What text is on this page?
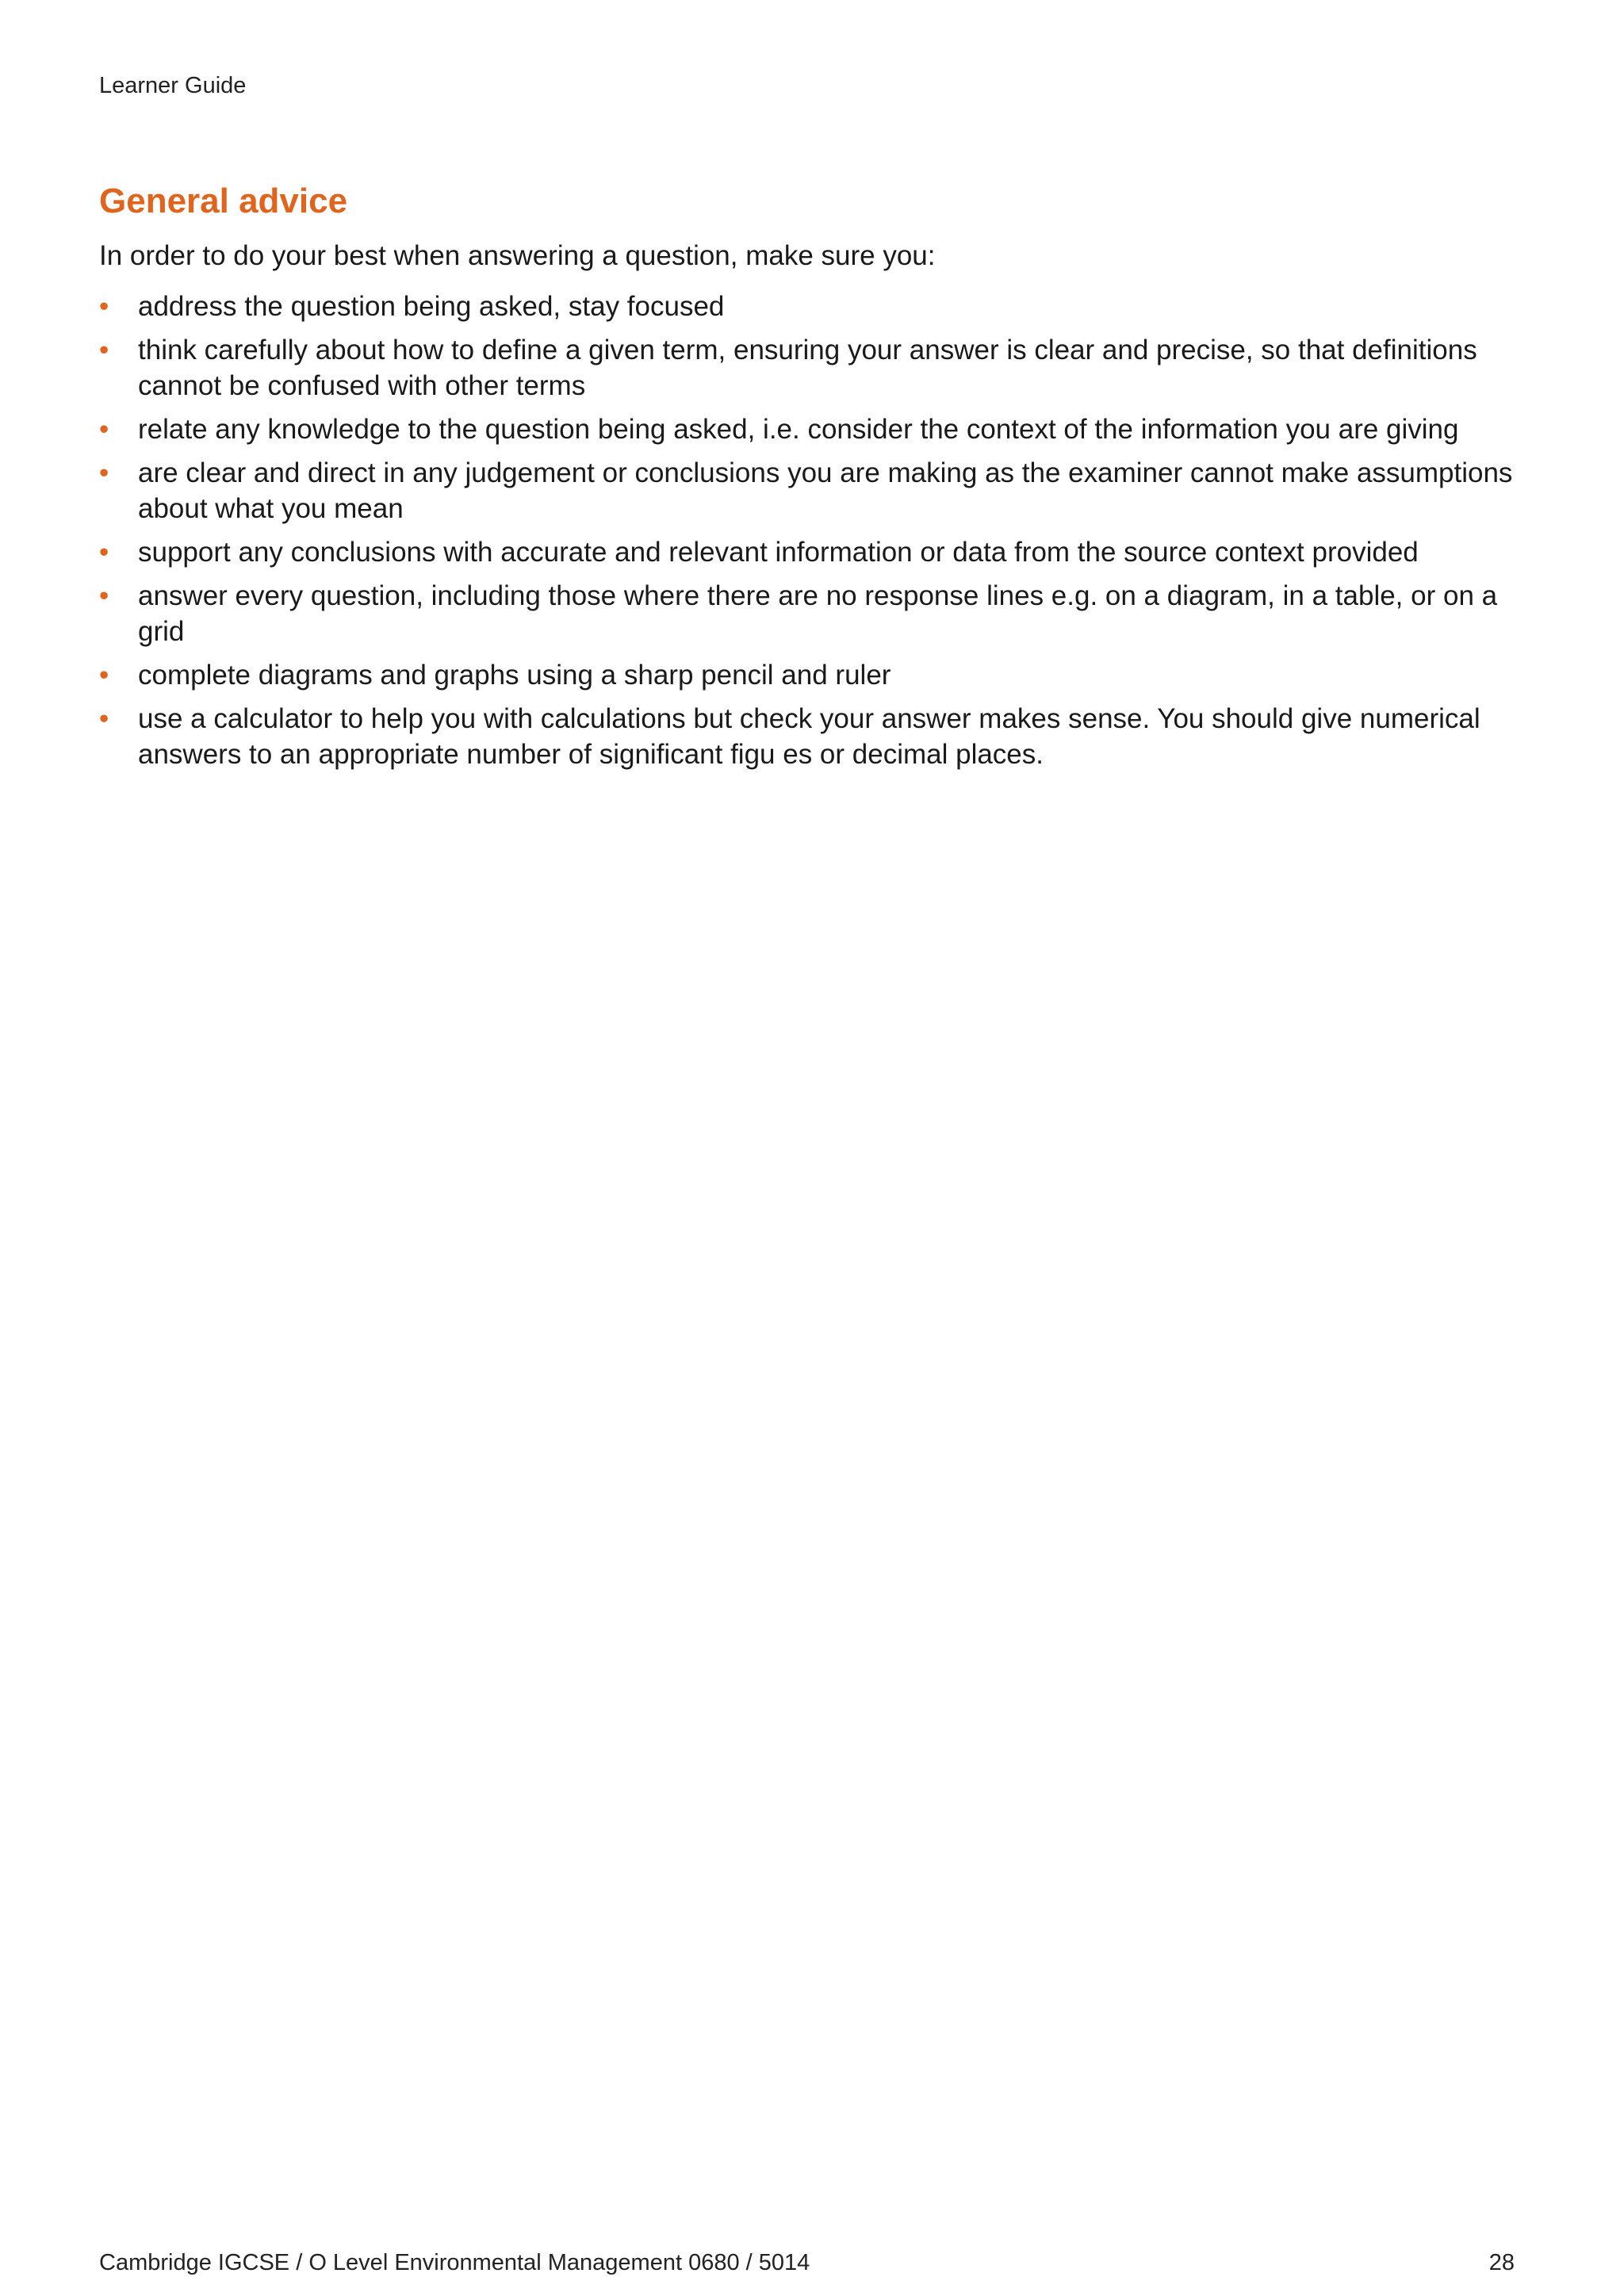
Learner Guide
General advice

In order to do your best when answering a question, make sure you:

•	address the question being asked, stay focused
•	think carefully about how to define a given term, ensuring your answer is clear and precise, so that definitions cannot be confused with other terms
•	relate any knowledge to the question being asked, i.e. consider the context of the information you are giving
•	are clear and direct in any judgement or conclusions you are making as the examiner cannot make assumptions about what you mean
•	support any conclusions with accurate and relevant information or data from the source context provided
•	answer every question, including those where there are no response lines e.g. on a diagram, in a table, or on a grid
•	complete diagrams and graphs using a sharp pencil and ruler
•	use a calculator to help you with calculations but check your answer makes sense. You should give numerical answers to an appropriate number of significant figu es or decimal places.
Cambridge IGCSE / O Level Environmental Management 0680 / 5014	28
